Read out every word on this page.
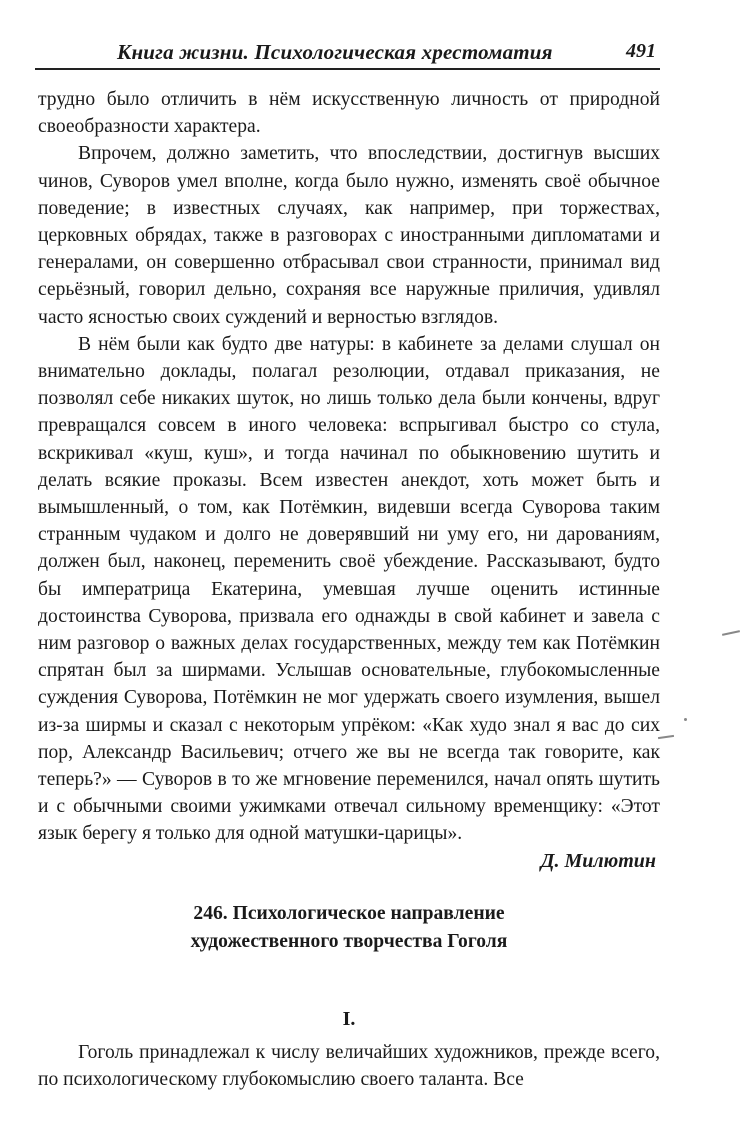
Книга жизни. Психологическая хрестоматия	491

трудно было отличить в нём искусственную личность от природной своеобразности характера.

Впрочем, должно заметить, что впоследствии, достигнув высших чинов, Суворов умел вполне, когда было нужно, изменять своё обычное поведение; в известных случаях, как например, при торжествах, церковных обрядах, также в разговорах с иностранными дипломатами и генералами, он совершенно отбрасывал свои странности, принимал вид серьёзный, говорил дельно, сохраняя все наружные приличия, удивлял часто ясностью своих суждений и верностью взглядов.

В нём были как будто две натуры: в кабинете за делами слушал он внимательно доклады, полагал резолюции, отдавал приказания, не позволял себе никаких шуток, но лишь только дела были кончены, вдруг превращался совсем в иного человека: вспрыгивал быстро со стула, вскрикивал «куш, куш», и тогда начинал по обыкновению шутить и делать всякие проказы. Всем известен анекдот, хоть может быть и вымышленный, о том, как Потёмкин, видевши всегда Суворова таким странным чудаком и долго не доверявший ни уму его, ни дарованиям, должен был, наконец, переменить своё убеждение. Рассказывают, будто бы императрица Екатерина, умевшая лучше оценить истинные достоинства Суворова, призвала его однажды в свой кабинет и завела с ним разговор о важных делах государственных, между тем как Потёмкин спрятан был за ширмами. Услышав основательные, глубокомысленные суждения Суворова, Потёмкин не мог удержать своего изумления, вышел из-за ширмы и сказал с некоторым упрёком: «Как худо знал я вас до сих пор, Александр Васильевич; отчего же вы не всегда так говорите, как теперь?» — Суворов в то же мгновение переменился, начал опять шутить и с обычными своими ужимками отвечал сильному временщику: «Этот язык берегу я только для одной матушки-царицы».

Д. Милютин

246. Психологическое направление

художественного творчества Гоголя

I.

Гоголь принадлежал к числу величайших художников, прежде всего, по психологическому глубокомыслию своего таланта. Все
